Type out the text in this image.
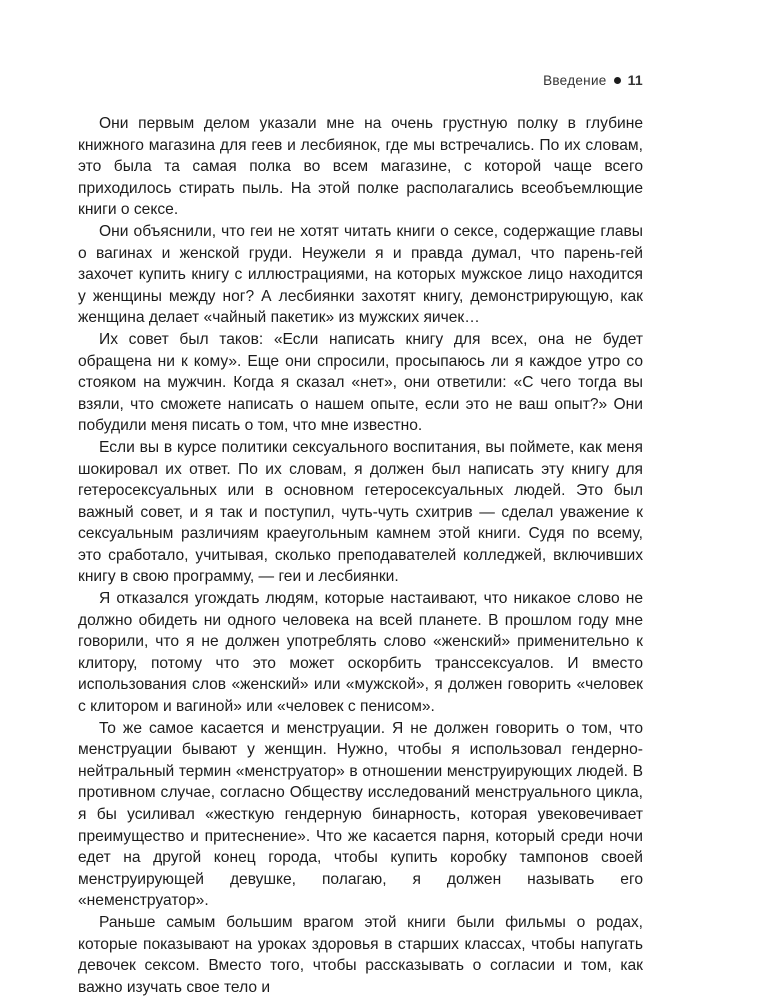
Введение 11

Они первым делом указали мне на очень грустную полку в глубине книжного магазина для геев и лесбиянок, где мы встречались. По их словам, это была та самая полка во всем магазине, с которой чаще всего приходилось стирать пыль. На этой полке располагались всеобъемлющие книги о сексе.

Они объяснили, что геи не хотят читать книги о сексе, содержащие главы о вагинах и женской груди. Неужели я и правда думал, что парень-гей захочет купить книгу с иллюстрациями, на которых мужское лицо находится у женщины между ног? А лесбиянки захотят книгу, демонстрирующую, как женщина делает «чайный пакетик» из мужских яичек…

Их совет был таков: «Если написать книгу для всех, она не будет обращена ни к кому». Еще они спросили, просыпаюсь ли я каждое утро со стояком на мужчин. Когда я сказал «нет», они ответили: «С чего тогда вы взяли, что сможете написать о нашем опыте, если это не ваш опыт?» Они побудили меня писать о том, что мне известно.

Если вы в курсе политики сексуального воспитания, вы поймете, как меня шокировал их ответ. По их словам, я должен был написать эту книгу для гетеросексуальных или в основном гетеросексуальных людей. Это был важный совет, и я так и поступил, чуть-чуть схитрив — сделал уважение к сексуальным различиям краеугольным камнем этой книги. Судя по всему, это сработало, учитывая, сколько преподавателей колледжей, включивших книгу в свою программу, — геи и лесбиянки.

Я отказался угождать людям, которые настаивают, что никакое слово не должно обидеть ни одного человека на всей планете. В прошлом году мне говорили, что я не должен употреблять слово «женский» применительно к клитору, потому что это может оскорбить транссексуалов. И вместо использования слов «женский» или «мужской», я должен говорить «человек с клитором и вагиной» или «человек с пенисом».

То же самое касается и менструации. Я не должен говорить о том, что менструации бывают у женщин. Нужно, чтобы я использовал гендерно-нейтральный термин «менструатор» в отношении менструирующих людей. В противном случае, согласно Обществу исследований менструального цикла, я бы усиливал «жесткую гендерную бинарность, которая увековечивает преимущество и притеснение». Что же касается парня, который среди ночи едет на другой конец города, чтобы купить коробку тампонов своей менструирующей девушке, полагаю, я должен называть его «неменструатор».

Раньше самым большим врагом этой книги были фильмы о родах, которые показывают на уроках здоровья в старших классах, чтобы напугать девочек сексом. Вместо того, чтобы рассказывать о согласии и том, как важно изучать свое тело и
